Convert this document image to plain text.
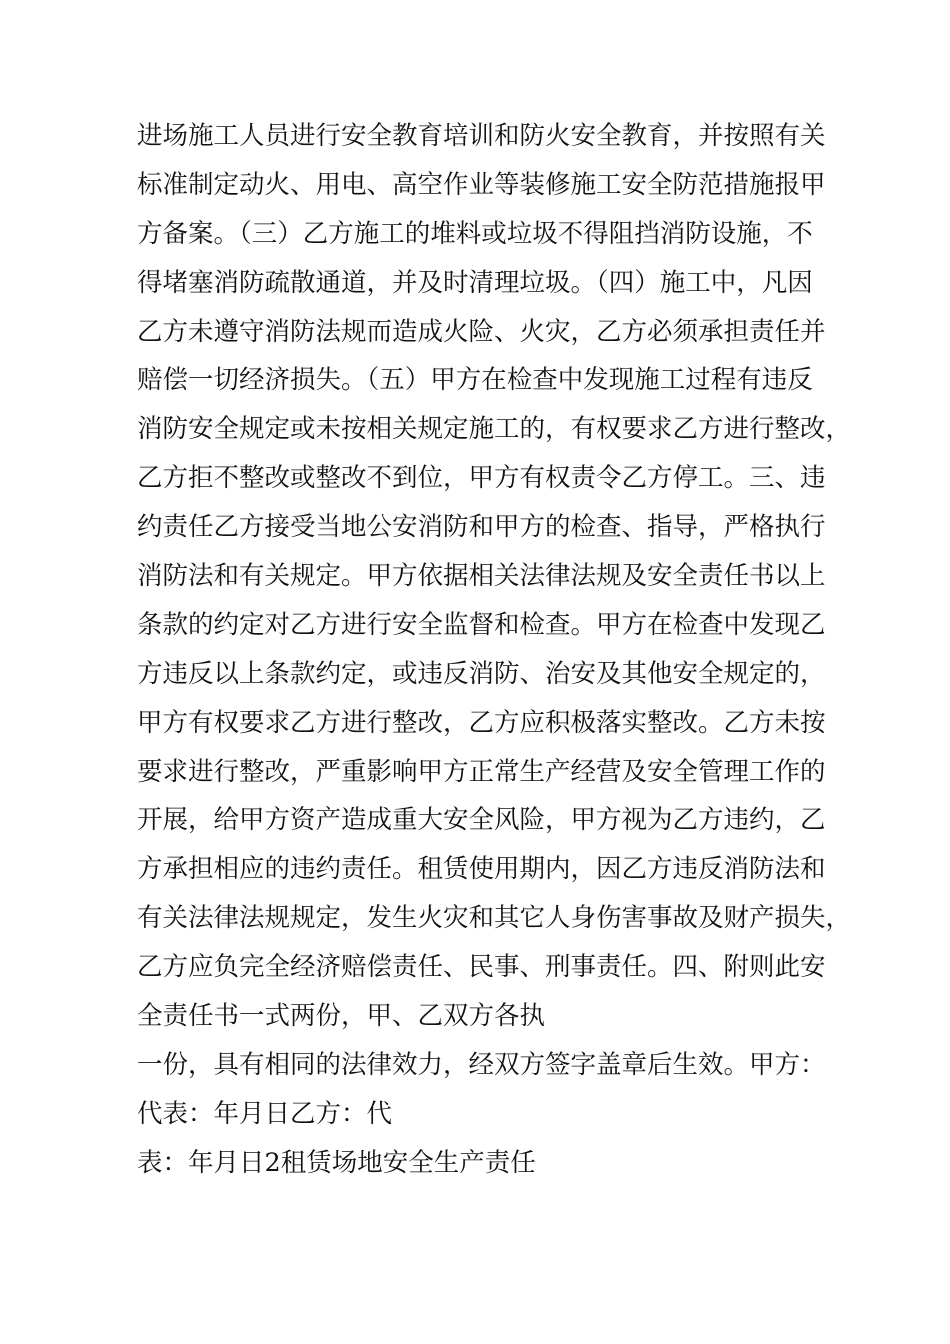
进场施工人员进行安全教育培训和防火安全教育，并按照有关
标准制定动火、用电、高空作业等装修施工安全防范措施报甲
方备案。（三）乙方施工的堆料或垃圾不得阻挡消防设施，不
得堵塞消防疏散通道，并及时清理垃圾。（四）施工中，凡因
乙方未遵守消防法规而造成火险、火灾，乙方必须承担责任并
赔偿一切经济损失。（五）甲方在检查中发现施工过程有违反
消防安全规定或未按相关规定施工的，有权要求乙方进行整改，
乙方拒不整改或整改不到位，甲方有权责令乙方停工。三、违
约责任乙方接受当地公安消防和甲方的检查、指导，严格执行
消防法和有关规定。甲方依据相关法律法规及安全责任书以上
条款的约定对乙方进行安全监督和检查。甲方在检查中发现乙
方违反以上条款约定，或违反消防、治安及其他安全规定的，
甲方有权要求乙方进行整改，乙方应积极落实整改。乙方未按
要求进行整改，严重影响甲方正常生产经营及安全管理工作的
开展，给甲方资产造成重大安全风险，甲方视为乙方违约，乙
方承担相应的违约责任。租赁使用期内，因乙方违反消防法和
有关法律法规规定，发生火灾和其它人身伤害事故及财产损失，
乙方应负完全经济赔偿责任、民事、刑事责任。四、附则此安
全责任书一式两份，甲、乙双方各执
一份，具有相同的法律效力，经双方签字盖章后生效。甲方：
代表：年月日乙方：代
表：年月日2租赁场地安全生产责任
